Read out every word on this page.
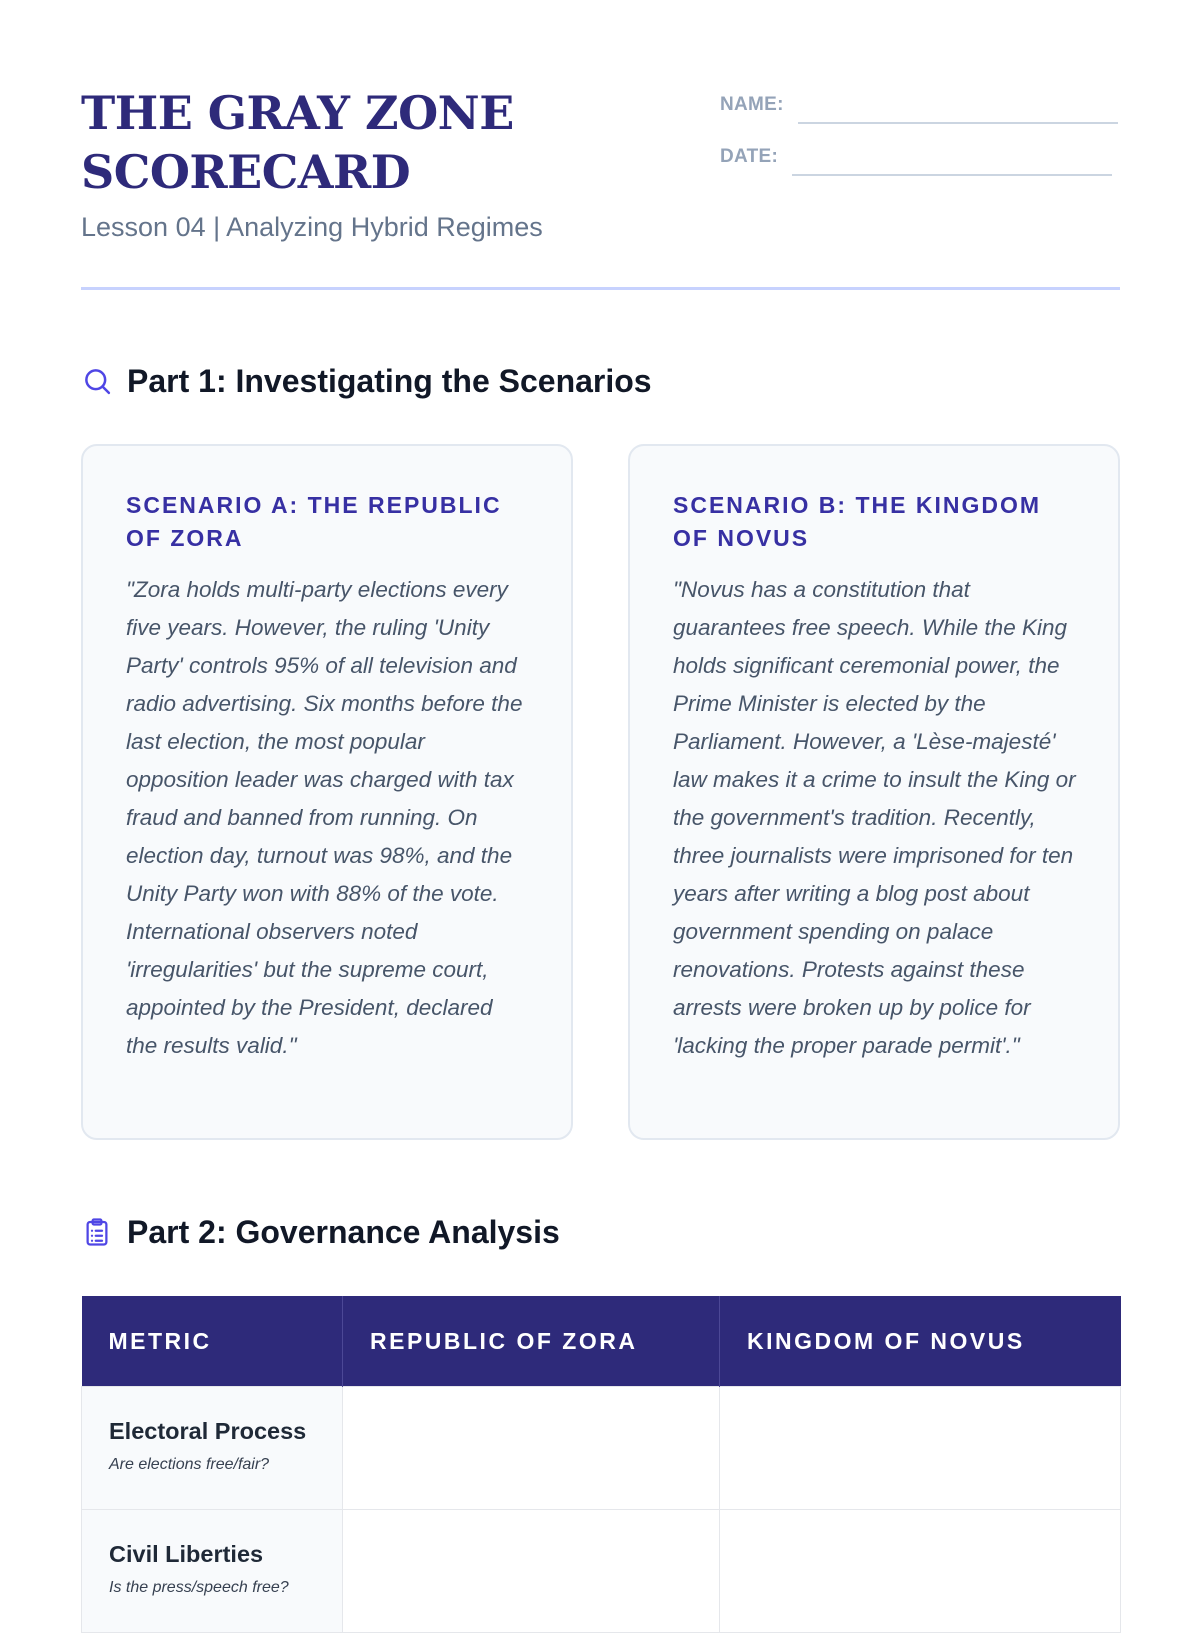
THE GRAY ZONE SCORECARD
Lesson 04 | Analyzing Hybrid Regimes
NAME:
DATE:
Part 1: Investigating the Scenarios
SCENARIO A: THE REPUBLIC OF ZORA

"Zora holds multi-party elections every five years. However, the ruling 'Unity Party' controls 95% of all television and radio advertising. Six months before the last election, the most popular opposition leader was charged with tax fraud and banned from running. On election day, turnout was 98%, and the Unity Party won with 88% of the vote. International observers noted 'irregularities' but the supreme court, appointed by the President, declared the results valid."

SCENARIO B: THE KINGDOM OF NOVUS

"Novus has a constitution that guarantees free speech. While the King holds significant ceremonial power, the Prime Minister is elected by the Parliament. However, a 'Lèse-majesté' law makes it a crime to insult the King or the government's tradition. Recently, three journalists were imprisoned for ten years after writing a blog post about government spending on palace renovations. Protests against these arrests were broken up by police for 'lacking the proper parade permit'."

Part 2: Governance Analysis
METRIC	REPUBLIC OF ZORA	KINGDOM OF NOVUS

Electoral Process
Are elections free/fair?		

Civil Liberties
Is the press/speech free?		
